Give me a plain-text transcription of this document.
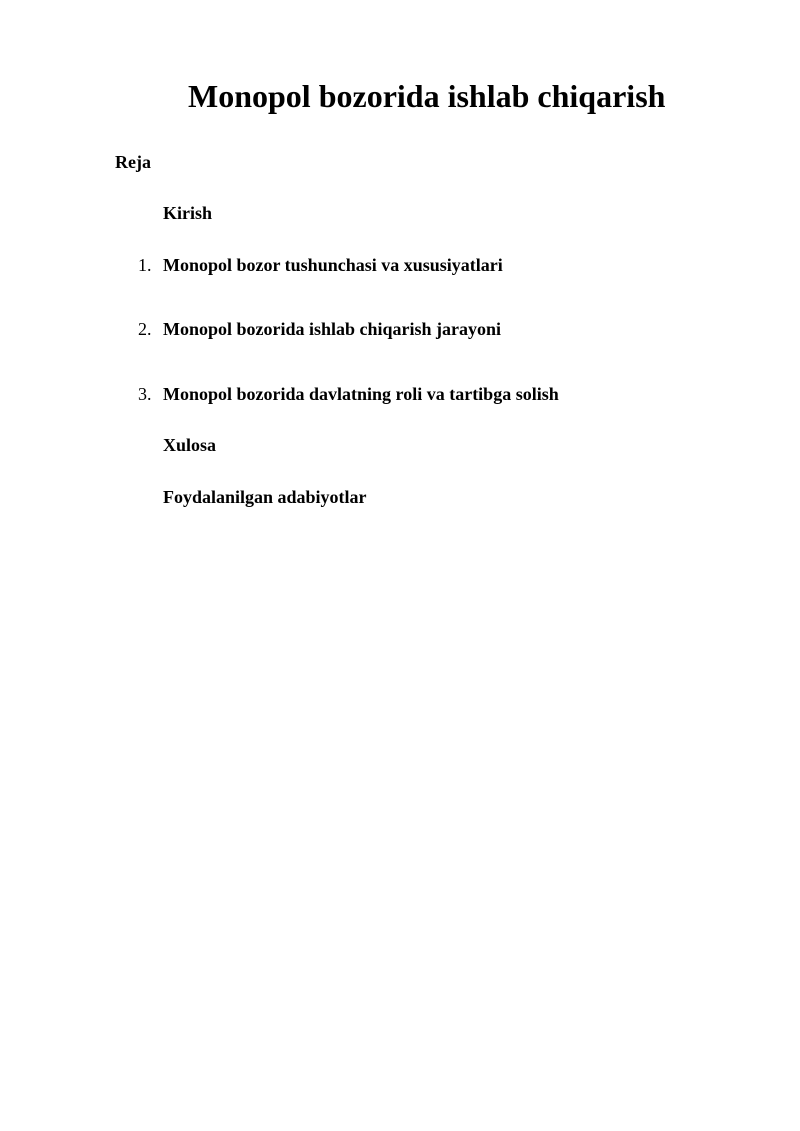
Monopol bozorida ishlab chiqarish
Reja
Kirish
1. Monopol bozor tushunchasi va xususiyatlari
2. Monopol bozorida ishlab chiqarish jarayoni
3. Monopol bozorida davlatning roli va tartibga solish
Xulosa
Foydalanilgan adabiyotlar
